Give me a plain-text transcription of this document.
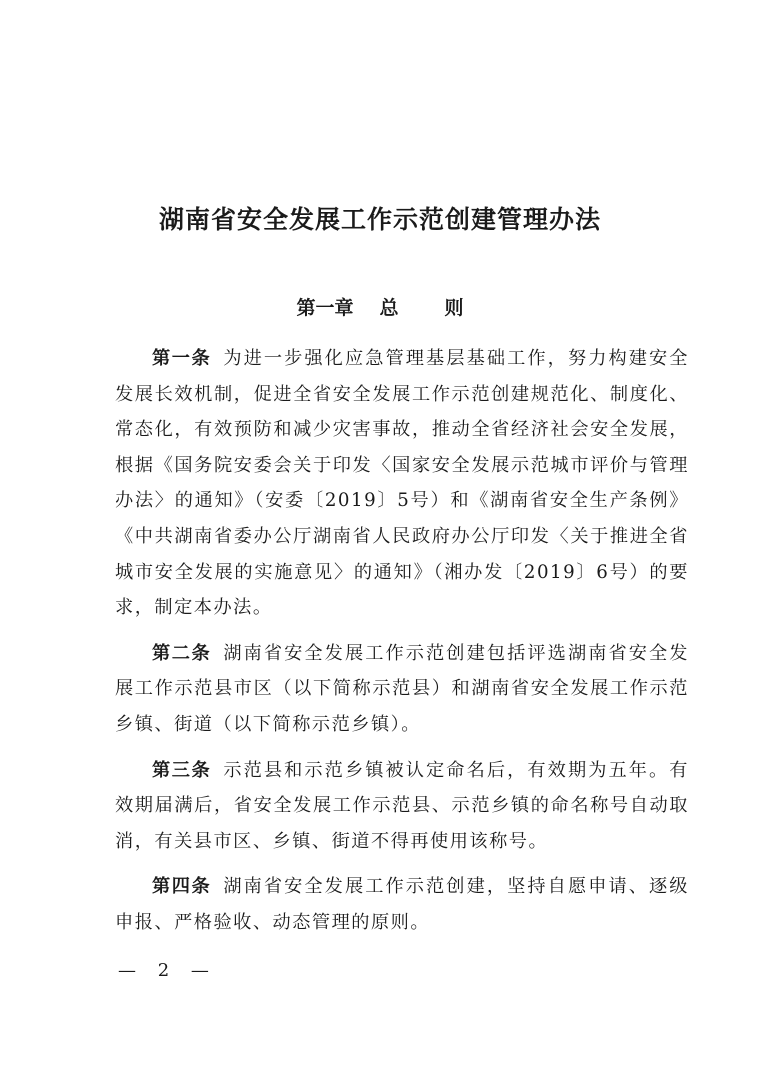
湖南省安全发展工作示范创建管理办法
第一章 总 则

第一条 为进一步强化应急管理基层基础工作，努力构建安全发展长效机制，促进全省安全发展工作示范创建规范化、制度化、常态化，有效预防和减少灾害事故，推动全省经济社会安全发展，根据《国务院安委会关于印发〈国家安全发展示范城市评价与管理办法〉的通知》（安委〔2019〕5号）和《湖南省安全生产条例》《中共湖南省委办公厅湖南省人民政府办公厅印发〈关于推进全省城市安全发展的实施意见〉的通知》（湘办发〔2019〕6号）的要求，制定本办法。

第二条 湖南省安全发展工作示范创建包括评选湖南省安全发展工作示范县市区（以下简称示范县）和湖南省安全发展工作示范乡镇、街道（以下简称示范乡镇）。

第三条 示范县和示范乡镇被认定命名后，有效期为五年。有效期届满后，省安全发展工作示范县、示范乡镇的命名称号自动取消，有关县市区、乡镇、街道不得再使用该称号。

第四条 湖南省安全发展工作示范创建，坚持自愿申请、逐级申报、严格验收、动态管理的原则。

— 2 —
